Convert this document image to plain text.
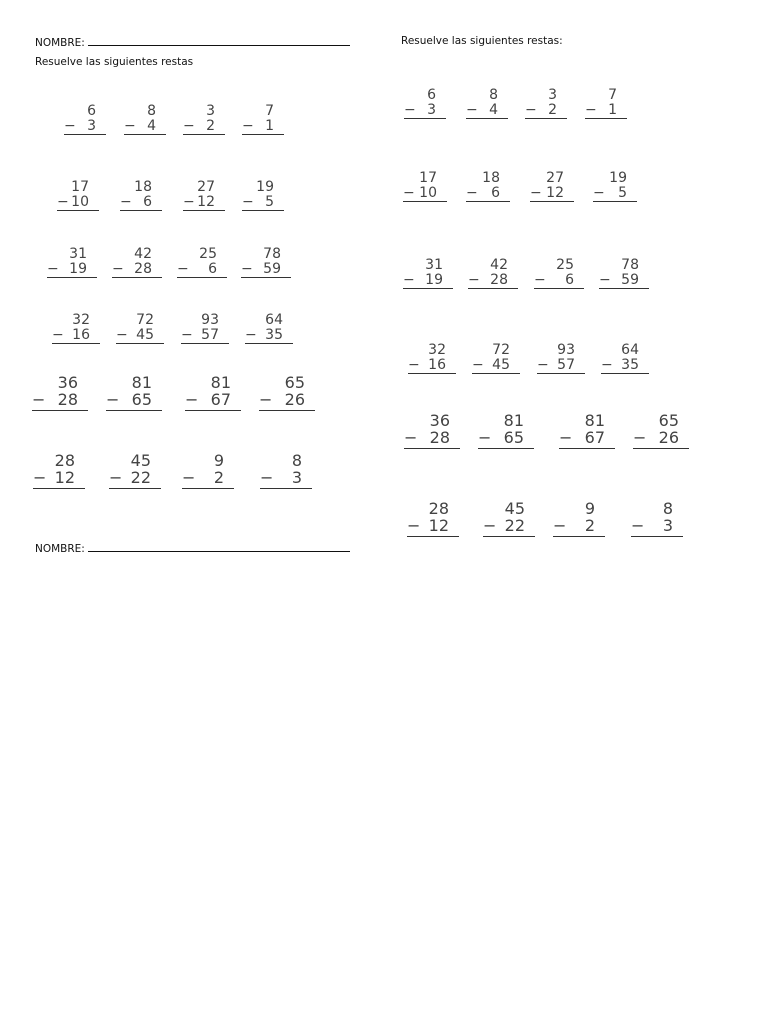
NOMBRE:
Resuelve las siguientes restas
Resuelve las siguientes restas:
NOMBRE:
6
− 3
8
− 4
3
− 2
7
− 1
17
− 10
18
− 6
27
− 12
19
− 5
31
− 19
42
− 28
25
− 6
78
− 59
32
− 16
72
− 45
93
− 57
64
− 35
36
− 28
81
− 65
81
− 67
65
− 26
28
− 12
45
− 22
9
− 2
8
− 3
6
− 3
8
− 4
3
− 2
7
− 1
17
− 10
18
− 6
27
− 12
19
− 5
31
− 19
42
− 28
25
− 6
78
− 59
32
− 16
72
− 45
93
− 57
64
− 35
36
− 28
81
− 65
81
− 67
65
− 26
28
− 12
45
− 22
9
− 2
8
− 3
